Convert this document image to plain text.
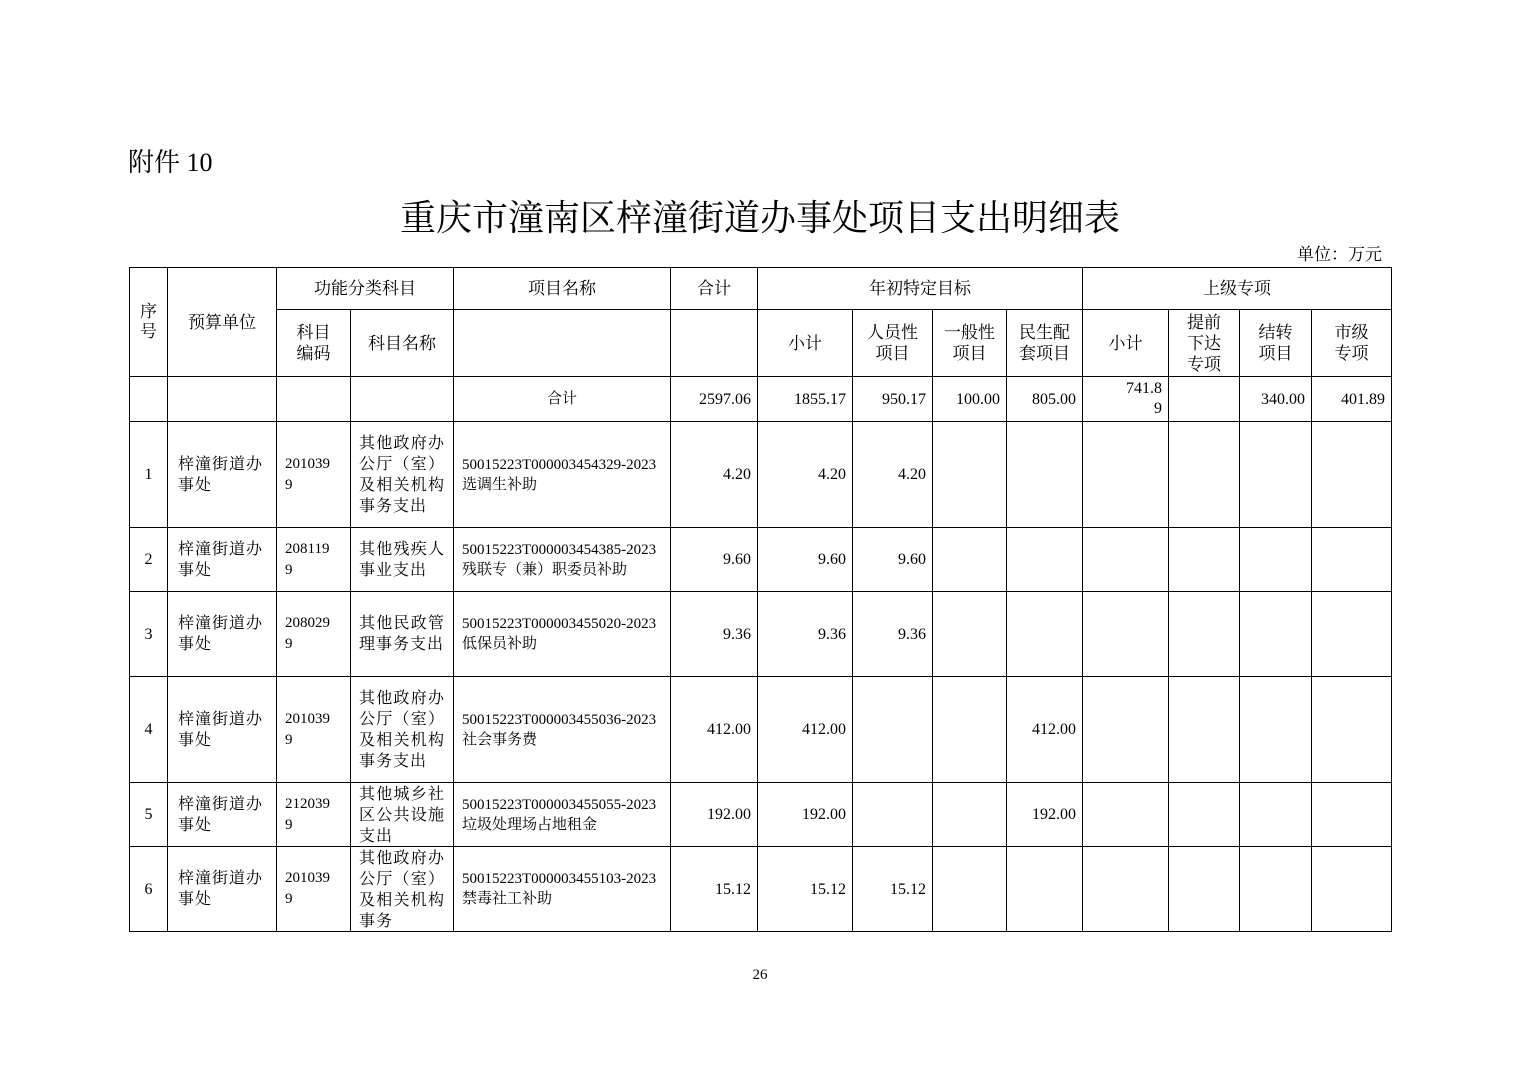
附件 10
重庆市潼南区梓潼街道办事处项目支出明细表
单位：万元
序号	预算单位	功能分类科目		项目名称	合计	年初特定目标				上级专项			

		科目编码	科目名称			小计	人员性项目	一般性项目	民生配套项目	小计	提前下达专项	结转项目	市级专项

				合计	2597.06	1855.17	950.17	100.00	805.00	741.89		340.00	401.89
1	梓潼街道办事处	2010399	其他政府办公厅（室）及相关机构事务支出	50015223T000003454329-2023 选调生补助	4.20	4.20	4.20						
2	梓潼街道办事处	2081199	其他残疾人事业支出	50015223T000003454385-2023 残联专（兼）职委员补助	9.60	9.60	9.60						
3	梓潼街道办事处	2080299	其他民政管理事务支出	50015223T000003455020-2023 低保员补助	9.36	9.36	9.36						
4	梓潼街道办事处	2010399	其他政府办公厅（室）及相关机构事务支出	50015223T000003455036-2023 社会事务费	412.00	412.00			412.00				
5	梓潼街道办事处	2120399	其他城乡社区公共设施支出	50015223T000003455055-2023 垃圾处理场占地租金	192.00	192.00			192.00				
6	梓潼街道办事处	2010399	其他政府办公厅（室）及相关机构事务	50015223T000003455103-2023 禁毒社工补助	15.12	15.12	15.12						
26
